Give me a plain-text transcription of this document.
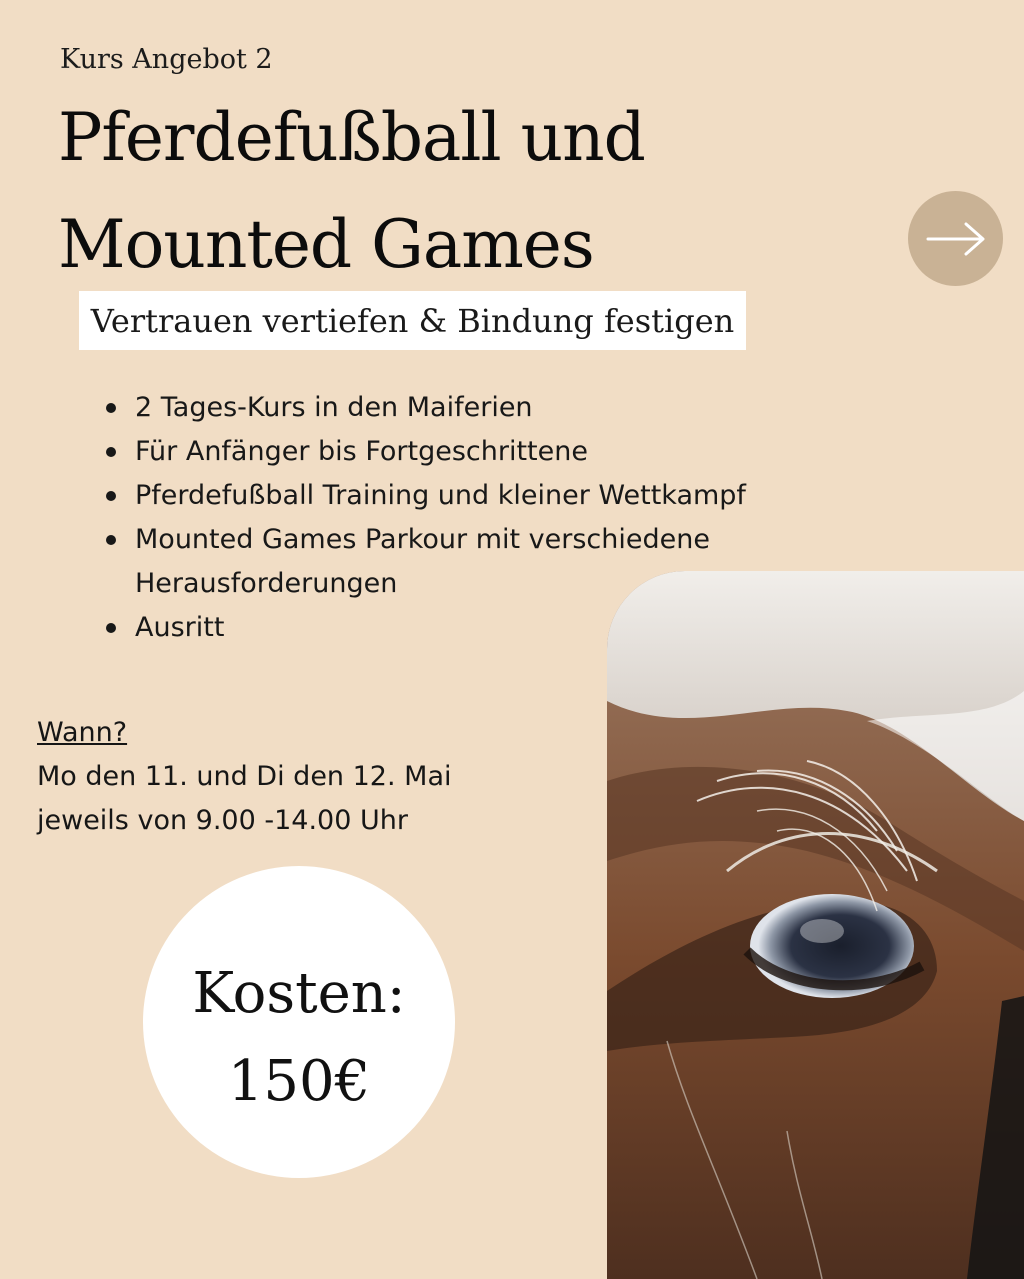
Kurs Angebot 2
Pferdefußball und
Mounted Games
Vertrauen vertiefen & Bindung festigen
2 Tages-Kurs in den Maiferien
Für Anfänger bis Fortgeschrittene
Pferdefußball Training und kleiner Wettkampf
Mounted Games Parkour mit verschiedene Herausforderungen
Ausritt
Wann?
Mo den 11. und Di den 12. Mai
jeweils von 9.00 -14.00 Uhr
Kosten:
150€
